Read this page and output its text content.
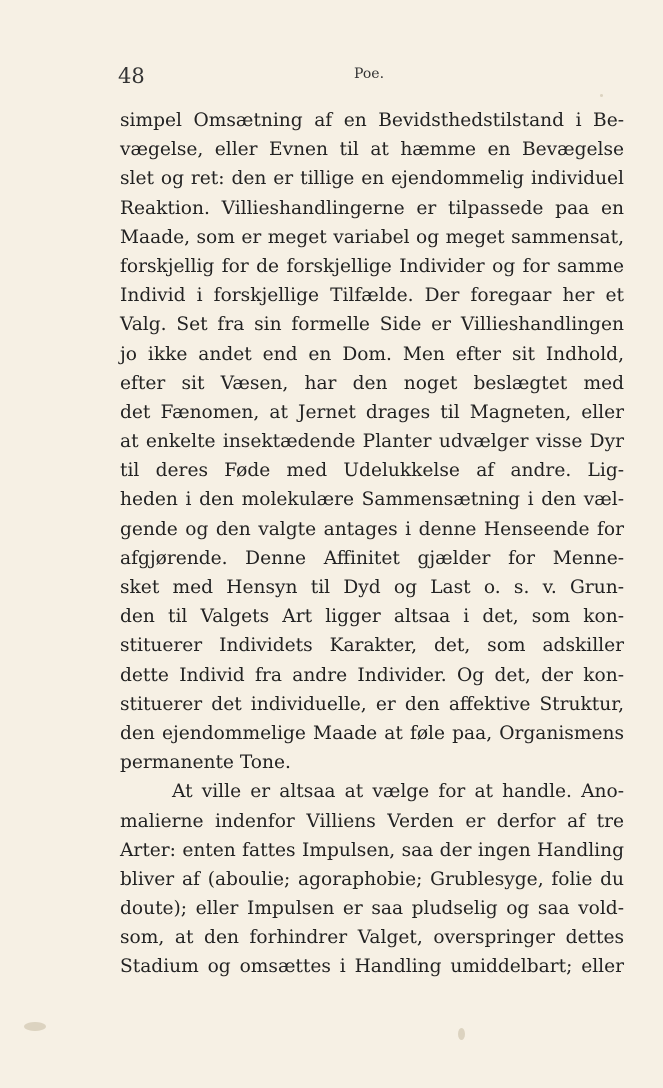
48	Poe.
simpel Omsætning af en Bevidsthedstilstand i Be-
vægelse, eller Evnen til at hæmme en Bevægelse
slet og ret: den er tillige en ejendommelig individuel
Reaktion. Villieshandlingerne er tilpassede paa en
Maade, som er meget variabel og meget sammensat,
forskjellig for de forskjellige Individer og for samme
Individ i forskjellige Tilfælde. Der foregaar her et
Valg. Set fra sin formelle Side er Villieshandlingen
jo ikke andet end en Dom. Men efter sit Indhold,
efter sit Væsen, har den noget beslægtet med
det Fænomen, at Jernet drages til Magneten, eller
at enkelte insektædende Planter udvælger visse Dyr
til deres Føde med Udelukkelse af andre. Lig-
heden i den molekulære Sammensætning i den væl-
gende og den valgte antages i denne Henseende for
afgjørende. Denne Affinitet gjælder for Menne-
sket med Hensyn til Dyd og Last o. s. v. Grun-
den til Valgets Art ligger altsaa i det, som kon-
stituerer Individets Karakter, det, som adskiller
dette Individ fra andre Individer. Og det, der kon-
stituerer det individuelle, er den affektive Struktur,
den ejendommelige Maade at føle paa, Organismens
permanente Tone.
At ville er altsaa at vælge for at handle. Ano-
malierne indenfor Villiens Verden er derfor af tre
Arter: enten fattes Impulsen, saa der ingen Handling
bliver af (aboulie; agoraphobie; Grublesyge, folie du
doute); eller Impulsen er saa pludselig og saa vold-
som, at den forhindrer Valget, overspringer dettes
Stadium og omsættes i Handling umiddelbart; eller
